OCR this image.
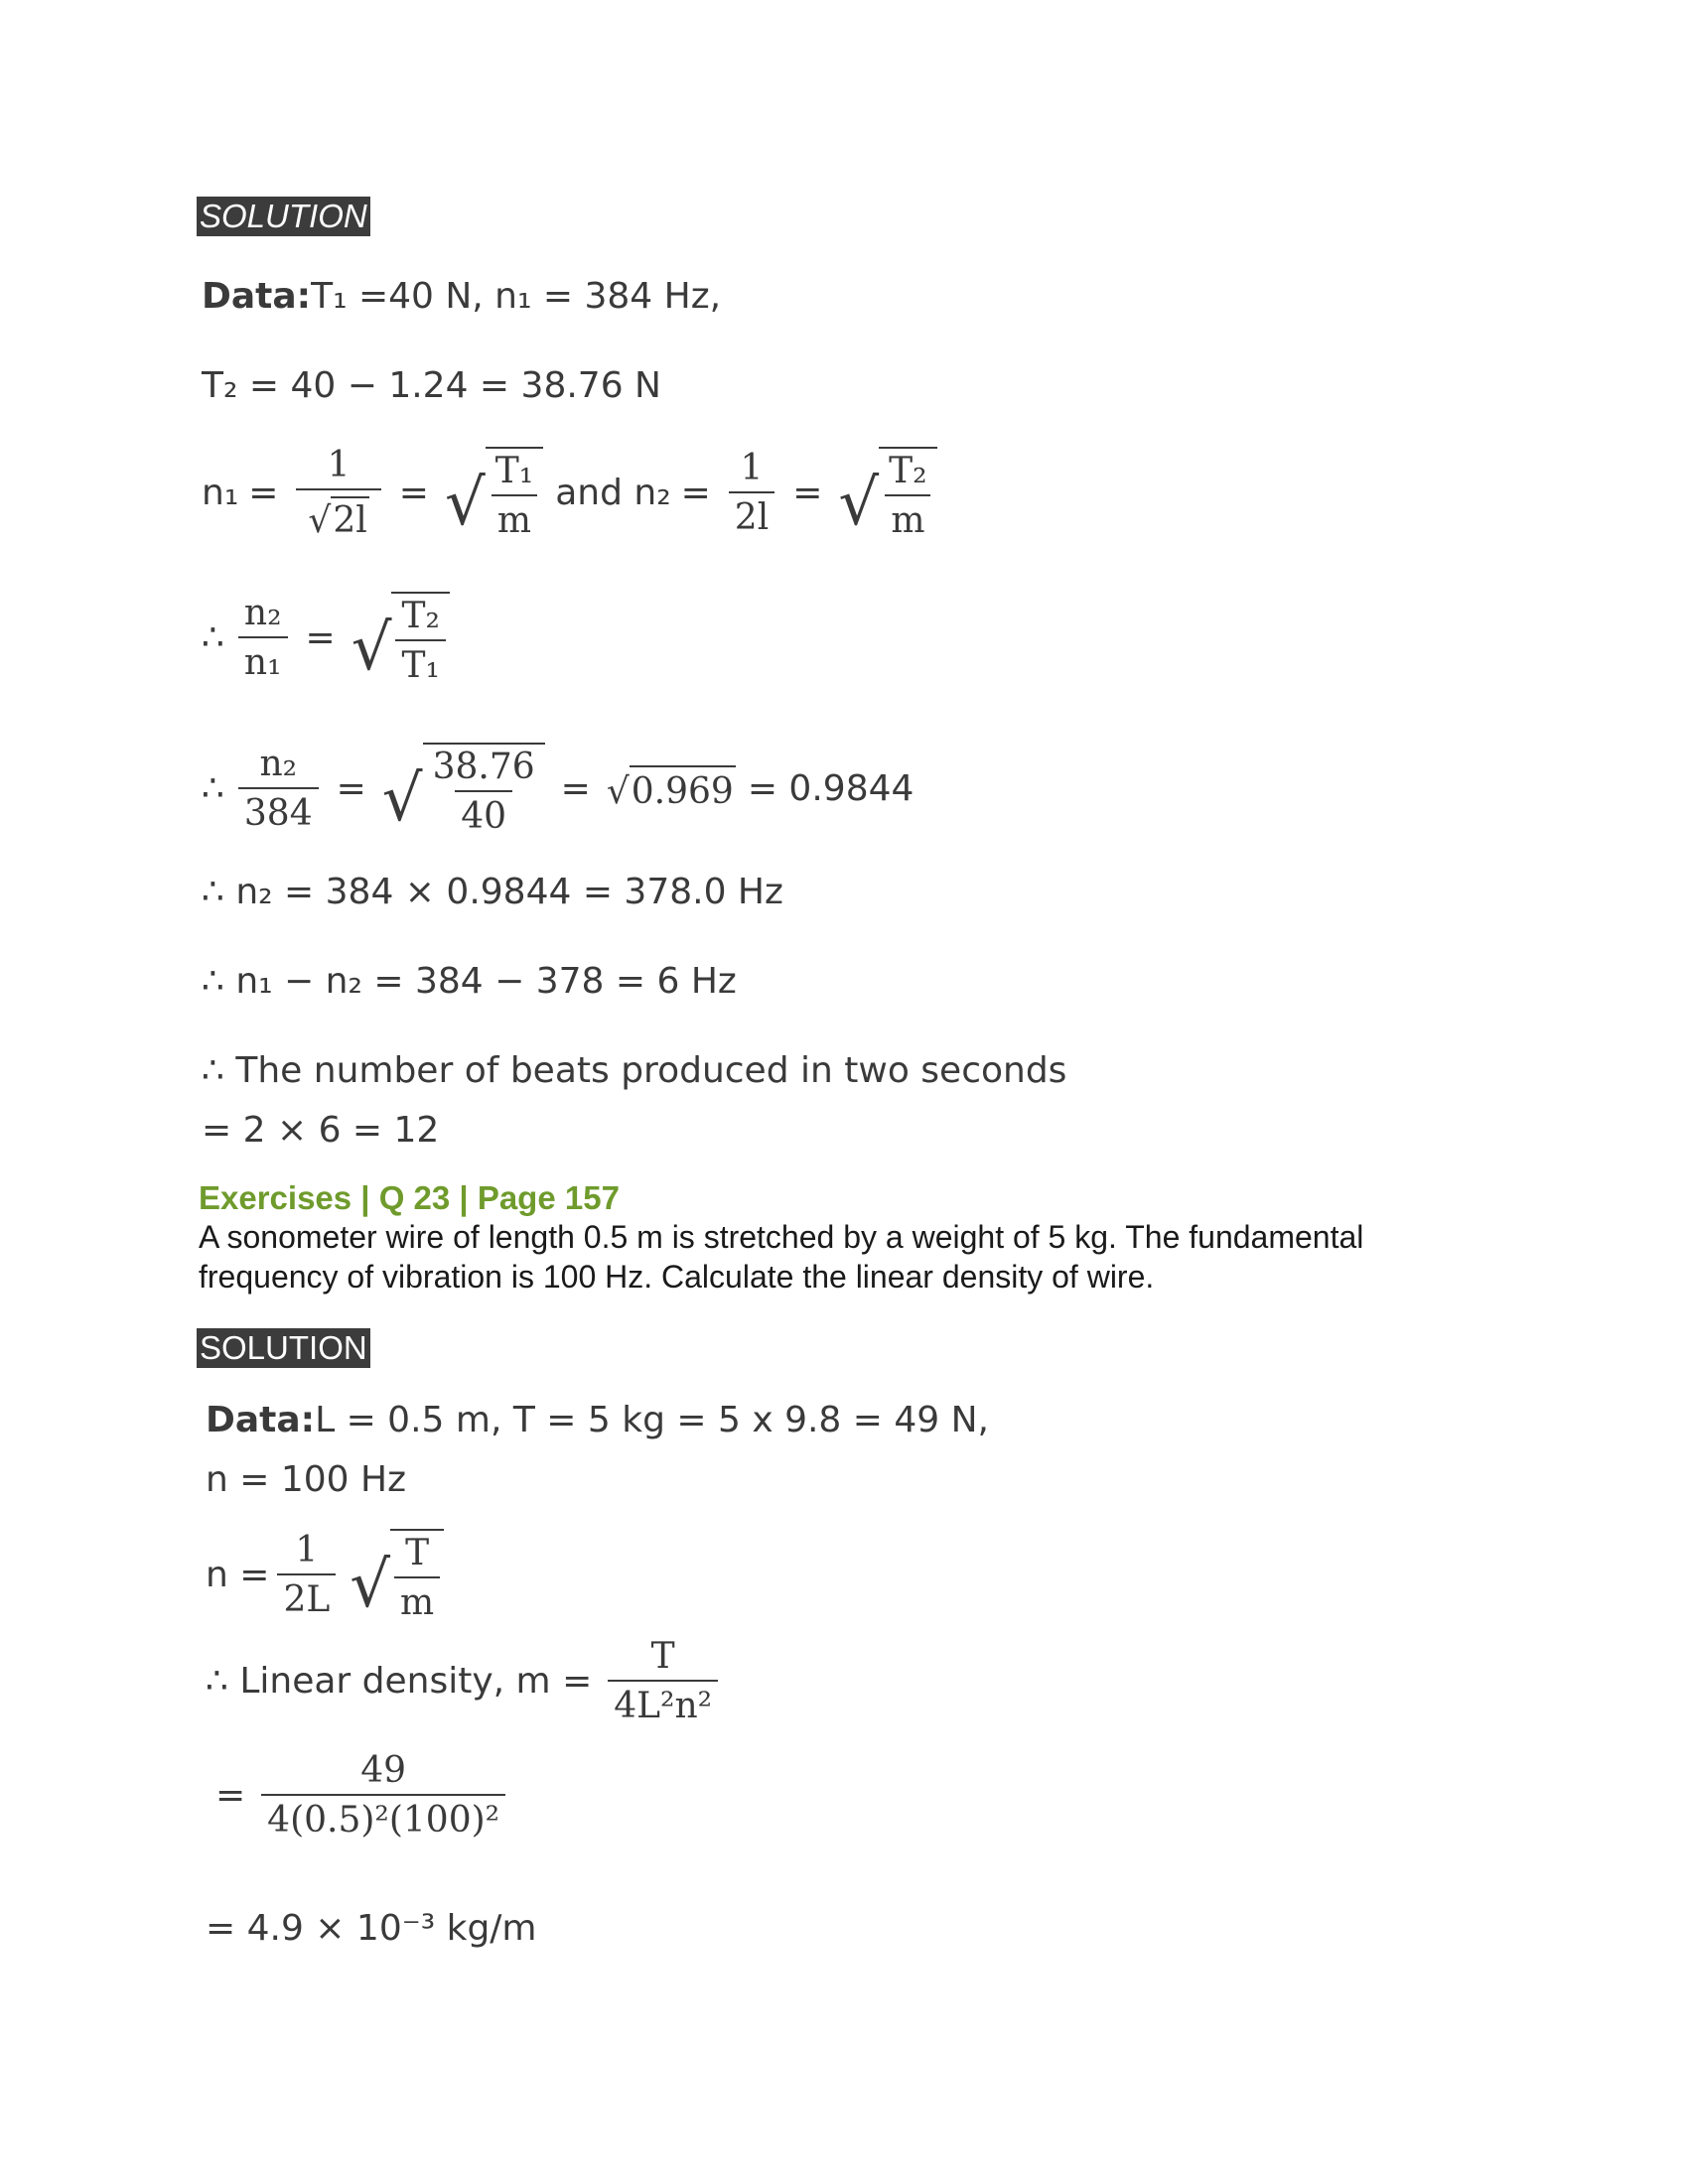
SOLUTION
Data: T₁ =40 N, n₁ = 384 Hz,
T₂ = 40 − 1.24 = 38.76 N
$n_1 = \frac{1}{√ 2l}$ = √ $\frac{\text{T₁}}{m}$ and $n_2 = \frac{1}{2l}$ = √ $\frac{\text{T₂}}{m}$
∴ $\frac{\text{n₂}}{\text{n₁}}$ = √ $\frac{\text{T₂}}{\text{T₁}}$
∴ $\frac{\text{n₂}}{384}$ = √ $\frac{38.76}{40}$ = √ 0.969 = 0.9844
∴ n₂ = 384 × 0.9844 = 378.0 Hz
∴ n₁ − n₂ = 384 − 378 = 6 Hz
∴ The number of beats produced in two seconds
= 2 × 6 = 12
Exercises | Q 23 | Page 157
A sonometer wire of length 0.5 m is stretched by a weight of 5 kg. The fundamental frequency of vibration is 100 Hz. Calculate the linear density of wire.
SOLUTION
Data: L = 0.5 m, T = 5 kg = 5 x 9.8 = 49 N,
n = 100 Hz
$n = \frac{1}{2L}$ √ $\frac{T}{m}$
∴ Linear density, $m = \frac{T}{\text{4L²n²}}$
= $\frac{49}{\text{4(0.5)²(100)²}}$
= 4.9 × 10⁻³ kg/m
